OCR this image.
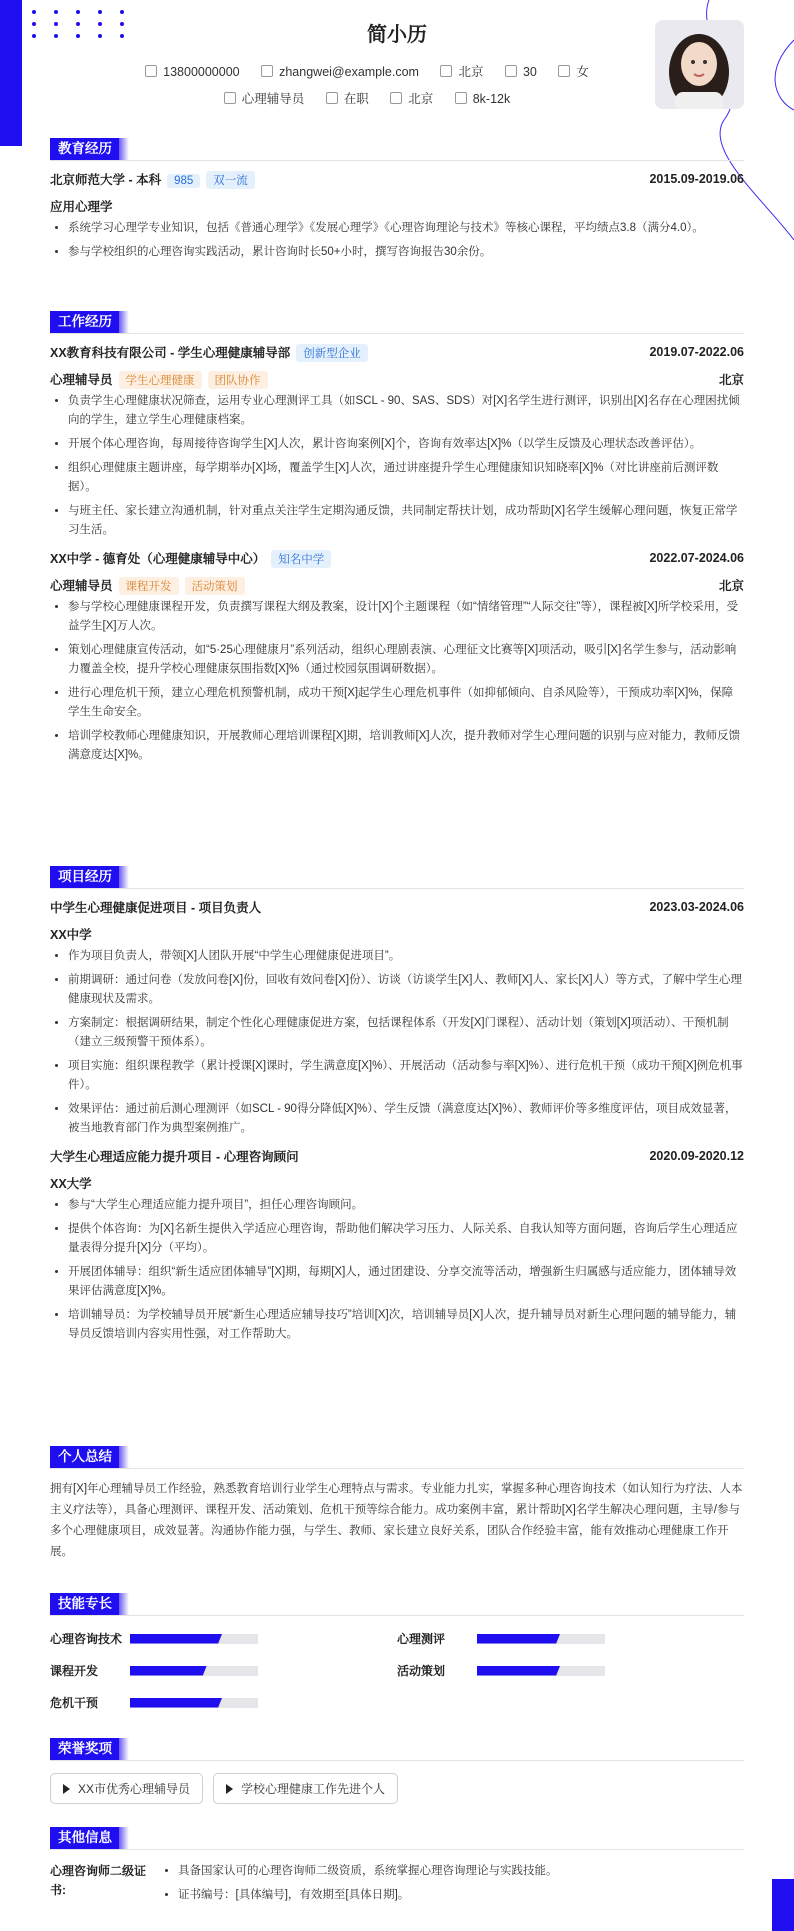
简小历
13800000000	zhangwei@example.com	北京	30	女
心理辅导员	在职	北京	8k-12k
教育经历
北京师范大学 - 本科 985 双一流	2015.09-2019.06
应用心理学
• 系统学习心理学专业知识，包括《普通心理学》《发展心理学》《心理咨询理论与技术》等核心课程，平均绩点3.8（满分4.0）。
• 参与学校组织的心理咨询实践活动，累计咨询时长50+小时，撰写咨询报告30余份。
工作经历
XX教育科技有限公司 - 学生心理健康辅导部 创新型企业	2019.07-2022.06
心理辅导员 学生心理健康 团队协作	北京
• 负责学生心理健康状况筛查，运用专业心理测评工具（如SCL - 90、SAS、SDS）对[X]名学生进行测评，识别出[X]名存在心理困扰倾向的学生，建立学生心理健康档案。
• 开展个体心理咨询，每周接待咨询学生[X]人次，累计咨询案例[X]个，咨询有效率达[X]%（以学生反馈及心理状态改善评估）。
• 组织心理健康主题讲座，每学期举办[X]场，覆盖学生[X]人次，通过讲座提升学生心理健康知识知晓率[X]%（对比讲座前后测评数据）。
• 与班主任、家长建立沟通机制，针对重点关注学生定期沟通反馈，共同制定帮扶计划，成功帮助[X]名学生缓解心理问题，恢复正常学习生活。
XX中学 - 德育处（心理健康辅导中心） 知名中学	2022.07-2024.06
心理辅导员 课程开发 活动策划	北京
• 参与学校心理健康课程开发，负责撰写课程大纲及教案，设计[X]个主题课程（如“情绪管理”“人际交往”等），课程被[X]所学校采用，受益学生[X]万人次。
• 策划心理健康宣传活动，如“5·25心理健康月”系列活动，组织心理剧表演、心理征文比赛等[X]项活动，吸引[X]名学生参与，活动影响力覆盖全校，提升学校心理健康氛围指数[X]%（通过校园氛围调研数据）。
• 进行心理危机干预，建立心理危机预警机制，成功干预[X]起学生心理危机事件（如抑郁倾向、自杀风险等），干预成功率[X]%，保障学生生命安全。
• 培训学校教师心理健康知识，开展教师心理培训课程[X]期，培训教师[X]人次，提升教师对学生心理问题的识别与应对能力，教师反馈满意度达[X]%。
项目经历
中学生心理健康促进项目 - 项目负责人	2023.03-2024.06
XX中学
• 作为项目负责人，带领[X]人团队开展“中学生心理健康促进项目”。
• 前期调研：通过问卷（发放问卷[X]份，回收有效问卷[X]份）、访谈（访谈学生[X]人、教师[X]人、家长[X]人）等方式，了解中学生心理健康现状及需求。
• 方案制定：根据调研结果，制定个性化心理健康促进方案，包括课程体系（开发[X]门课程）、活动计划（策划[X]项活动）、干预机制（建立三级预警干预体系）。
• 项目实施：组织课程教学（累计授课[X]课时，学生满意度[X]%）、开展活动（活动参与率[X]%）、进行危机干预（成功干预[X]例危机事件）。
• 效果评估：通过前后测心理测评（如SCL - 90得分降低[X]%）、学生反馈（满意度达[X]%）、教师评价等多维度评估，项目成效显著，被当地教育部门作为典型案例推广。
大学生心理适应能力提升项目 - 心理咨询顾问	2020.09-2020.12
XX大学
• 参与“大学生心理适应能力提升项目”，担任心理咨询顾问。
• 提供个体咨询：为[X]名新生提供入学适应心理咨询，帮助他们解决学习压力、人际关系、自我认知等方面问题，咨询后学生心理适应量表得分提升[X]分（平均）。
• 开展团体辅导：组织“新生适应团体辅导”[X]期，每期[X]人，通过团建设、分享交流等活动，增强新生归属感与适应能力，团体辅导效果评估满意度[X]%。
• 培训辅导员：为学校辅导员开展“新生心理适应辅导技巧”培训[X]次，培训辅导员[X]人次，提升辅导员对新生心理问题的辅导能力，辅导员反馈培训内容实用性强，对工作帮助大。
个人总结

拥有[X]年心理辅导员工作经验，熟悉教育培训行业学生心理特点与需求。专业能力扎实，掌握多种心理咨询技术（如认知行为疗法、人本主义疗法等），具备心理测评、课程开发、活动策划、危机干预等综合能力。成功案例丰富，累计帮助[X]名学生解决心理问题，主导/参与多个心理健康项目，成效显著。沟通协作能力强，与学生、教师、家长建立良好关系，团队合作经验丰富，能有效推动心理健康工作开展。

技能专长
心理咨询技术	心理测评
课程开发	活动策划
危机干预
荣誉奖项
XX市优秀心理辅导员	学校心理健康工作先进个人
其他信息
心理咨询师二级证书:
• 具备国家认可的心理咨询师二级资质，系统掌握心理咨询理论与实践技能。
• 证书编号：[具体编号]，有效期至[具体日期]。
